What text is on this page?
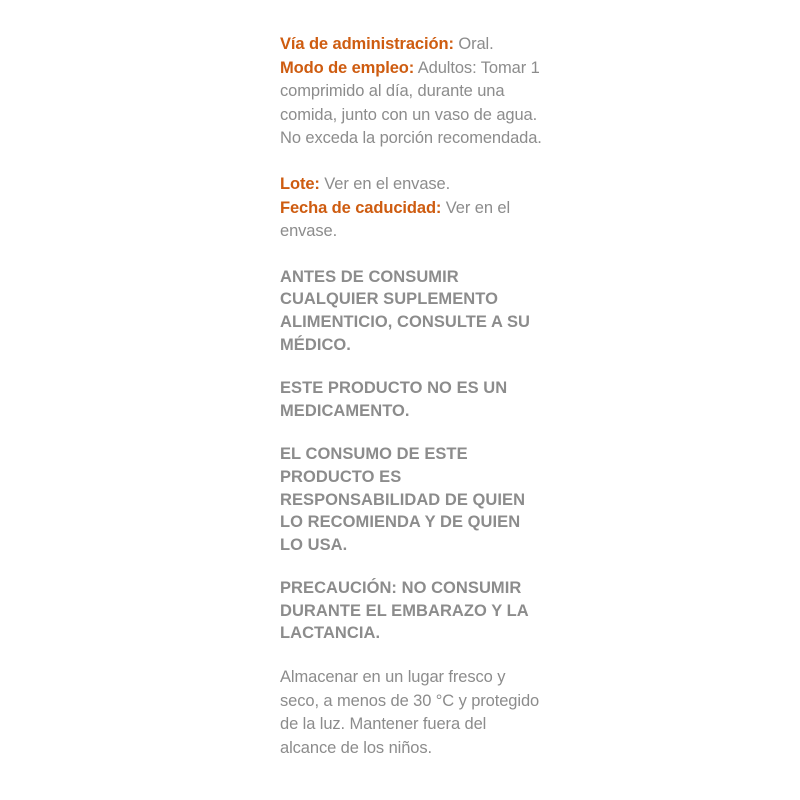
Vía de administración: Oral.
Modo de empleo: Adultos: Tomar 1 comprimido al día, durante una comida, junto con un vaso de agua. No exceda la porción recomendada.

Lote: Ver en el envase.
Fecha de caducidad: Ver en el envase.

ANTES DE CONSUMIR CUALQUIER SUPLEMENTO ALIMENTICIO, CONSULTE A SU MÉDICO.

ESTE PRODUCTO NO ES UN MEDICAMENTO.

EL CONSUMO DE ESTE PRODUCTO ES RESPONSABILIDAD DE QUIEN LO RECOMIENDA Y DE QUIEN LO USA.

PRECAUCIÓN: NO CONSUMIR DURANTE EL EMBARAZO Y LA LACTANCIA.

Almacenar en un lugar fresco y seco, a menos de 30 °C y protegido de la luz. Mantener fuera del alcance de los niños.
